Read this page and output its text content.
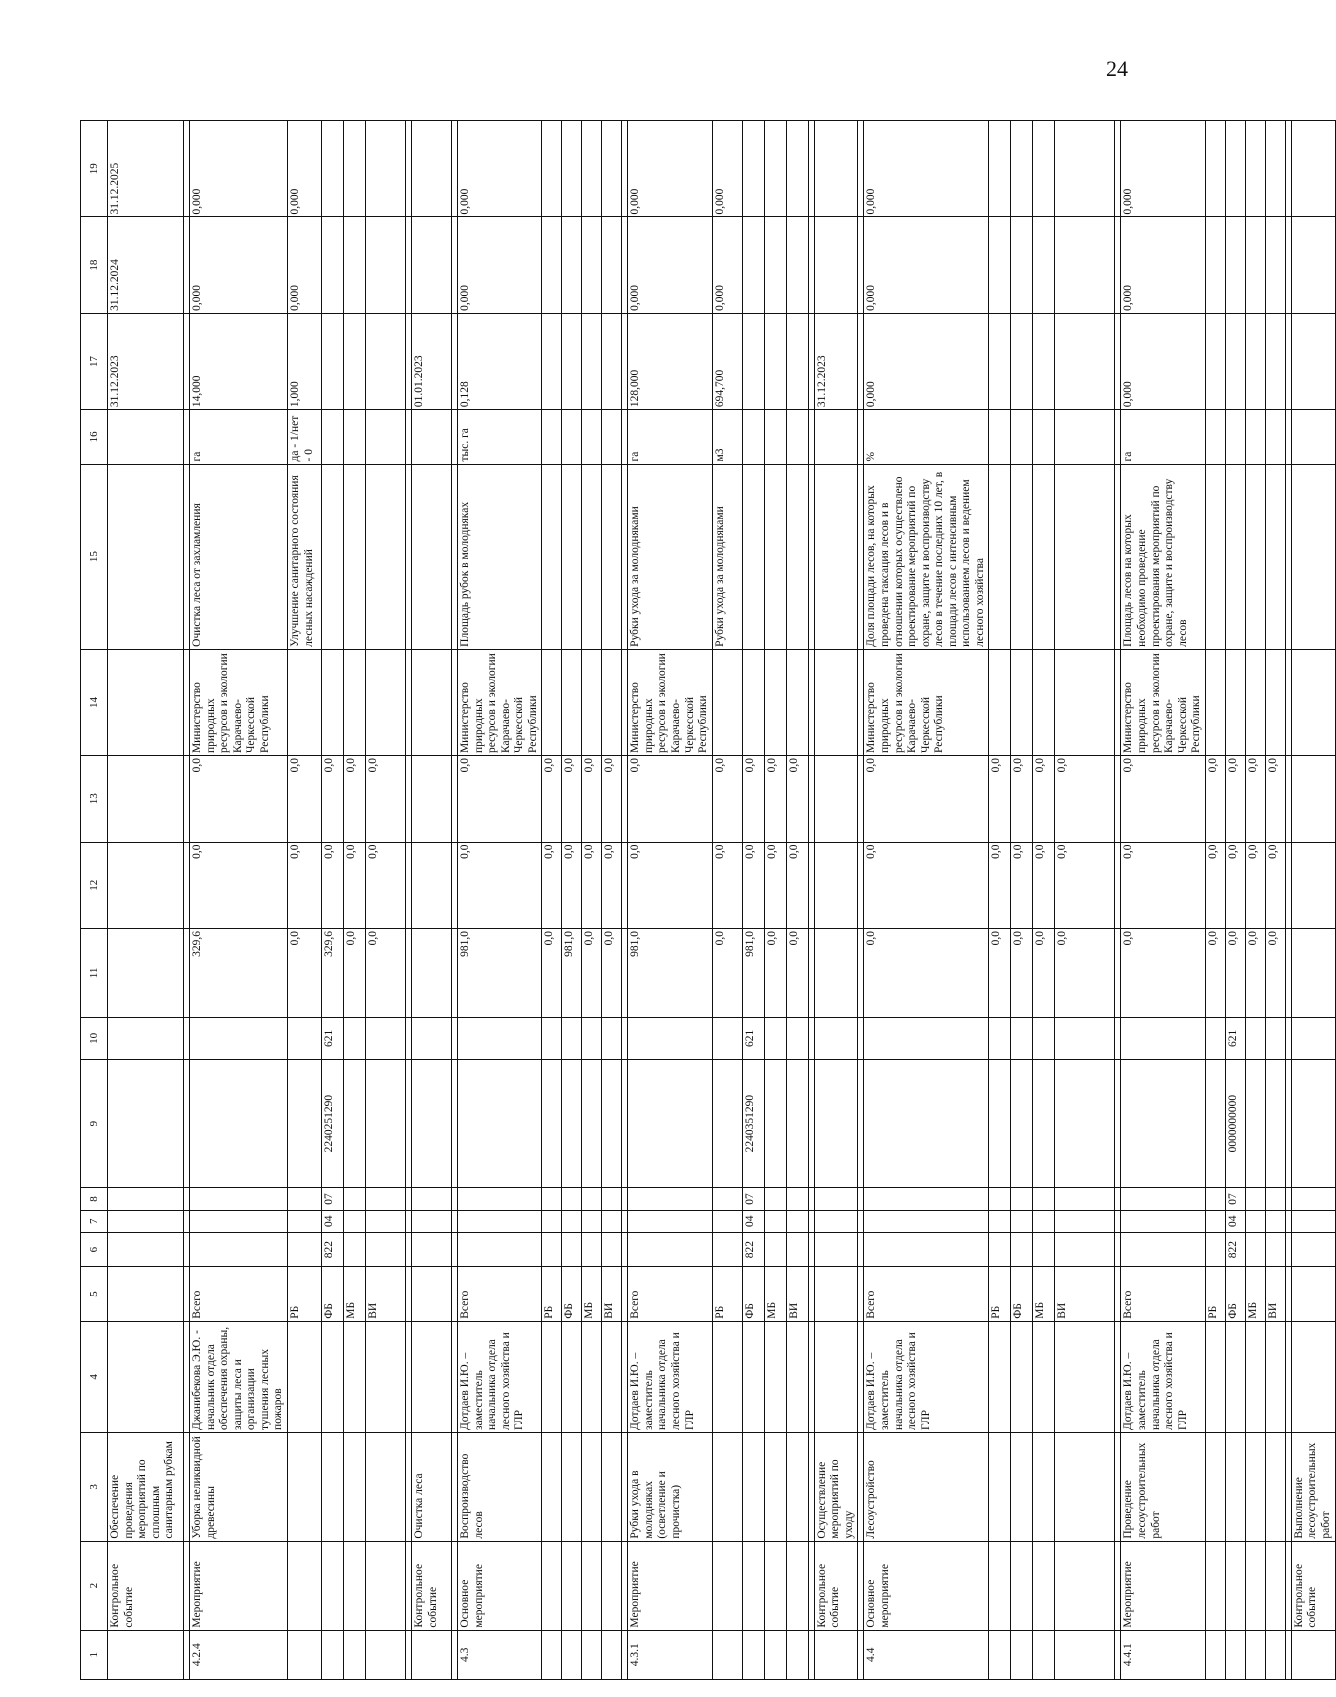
24
1	2	3	4	5	6	7	8	9	10	11	12	13	14	15	16	17	18	19
	Контрольное событие	Обеспечение проведения мероприятий по сплошным санитарным рубкам														31.12.2023	31.12.2024	31.12.2025

4.2.4	Мероприятие	Уборка неликвидной древесины	Джанибекова Э.Ю. - начальник отдела обеспечения охраны, защиты леса и организации тушения лесных пожаров	Всего						329,6	0,0	0,0	Министерство природных ресурсов и экологии Карачаево-Черкесской Республики	Очистка леса от захламления	га	14,000	0,000	0,000
				РБ						0,0	0,0	0,0		Улучшение санитарного состояния лесных насаждений	да - 1/нет - 0	1,000	0,000	0,000
				ФБ	822	04	07	2240251290	621	329,6	0,0	0,0						
				МБ						0,0	0,0	0,0						
				ВИ						0,0	0,0	0,0						

	Контрольное событие	Очистка леса														01.01.2023		

4.3	Основное мероприятие	Воспроизводство лесов	Дотдаев И.Ю. – заместитель начальника отдела лесного хозяйства и ГЛР	Всего						981,0	0,0	0,0	Министерство природных ресурсов и экологии Карачаево-Черкесской Республики	Площадь рубок в молодняках	тыс. га	0,128	0,000	0,000
				РБ						0,0	0,0	0,0						
				ФБ						981,0	0,0	0,0						
				МБ						0,0	0,0	0,0						
				ВИ						0,0	0,0	0,0						

4.3.1	Мероприятие	Рубки ухода в молодняках (осветление и прочистка)	Дотдаев И.Ю. –заместитель начальника отдела лесного хозяйства и ГЛР	Всего						981,0	0,0	0,0	Министерство природных ресурсов и экологии Карачаево-Черкесской Республики	Рубки ухода за молодняками	га	128,000	0,000	0,000
				РБ						0,0	0,0	0,0		Рубки ухода за молодняками	м3	694,700	0,000	0,000
				ФБ	822	04	07	2240351290	621	981,0	0,0	0,0						
				МБ						0,0	0,0	0,0						
				ВИ						0,0	0,0	0,0						

	Контрольное событие	Осуществление мероприятий по уходу														31.12.2023		

4.4	Основное мероприятие	Лесоустройство	Дотдаев И.Ю. – заместитель начальника отдела лесного хозяйства и ГЛР	Всего						0,0	0,0	0,0	Министерство природных ресурсов и экологии Карачаево-Черкесской Республики	Доля площади лесов, на которых проведена таксация лесов и в отношении которых осуществлено проектирование мероприятий по охране, защите и воспроизводству лесов в течение последних 10 лет, в площади лесов с интенсивным использованием лесов и ведением лесного хозяйства	%	0,000	0,000	0,000
				РБ						0,0	0,0	0,0						
				ФБ						0,0	0,0	0,0						
				МБ						0,0	0,0	0,0						
				ВИ						0,0	0,0	0,0						

4.4.1	Мероприятие	Проведение лесоустроительных работ	Дотдаев И.Ю. – заместитель начальника отдела лесного хозяйства и ГЛР	Всего						0,0	0,0	0,0	Министерство природных ресурсов и экологии Карачаево-Черкесской Республики	Площадь лесов на которых необходимо проведение проектирования мероприятий по охране, защите и воспроизводству лесов	га	0,000	0,000	0,000
				РБ						0,0	0,0	0,0						
				ФБ	822	04	07	0000000000	621	0,0	0,0	0,0						
				МБ						0,0	0,0	0,0						
				ВИ						0,0	0,0	0,0						

	Контрольное событие	Выполнение лесоустроительных работ																
